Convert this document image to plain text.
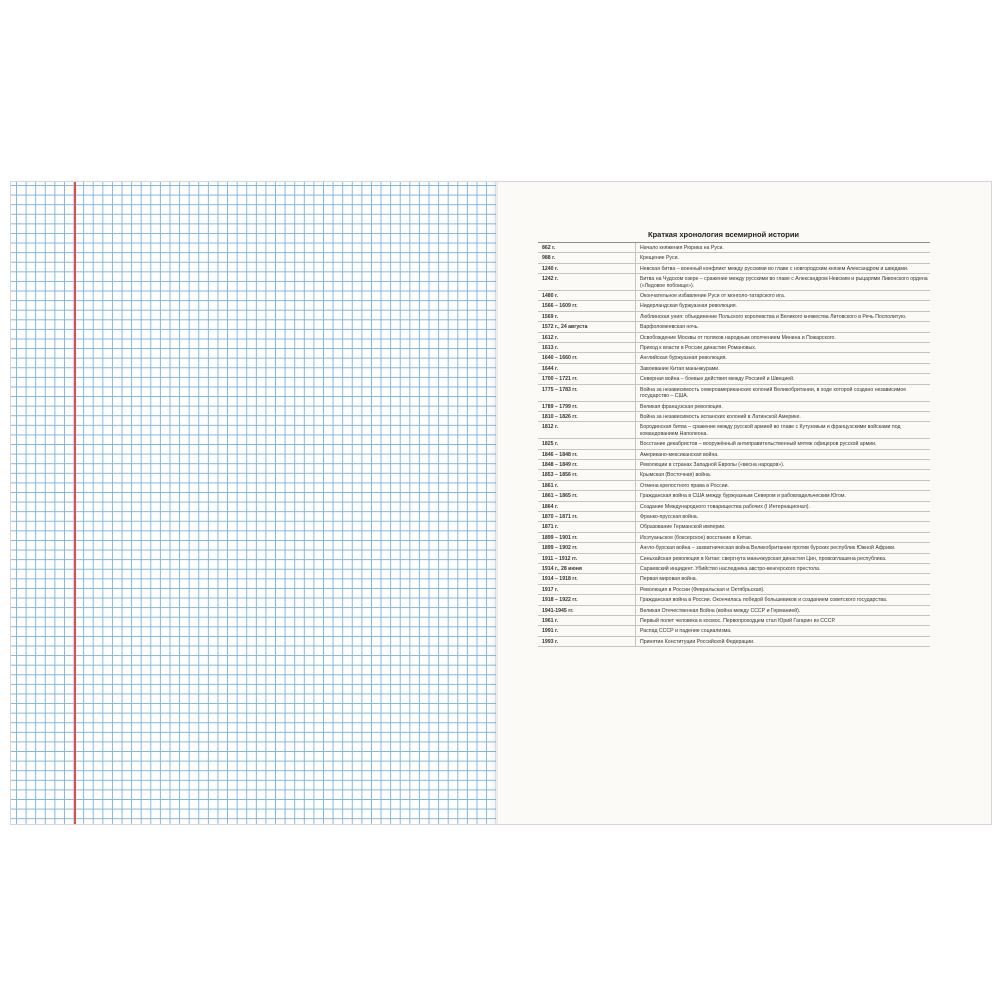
Краткая хронология всемирной истории
862 г.	Начало княжения Рюрика на Руси.
988 г.	Крещение Руси.
1240 г.	Невская битва – военный конфликт между русскими во главе с новгородским князем Александром и шведами.
1242 г.	Битва на Чудском озере – сражение между русскими во главе с Александром Невским и рыцарями Ливонского ордена («Ледовое побоище»).
1480 г.	Окончательное избавление Руси от монголо-татарского ига.
1566 – 1609 гг.	Нидерландская буржуазная революция.
1569 г.	Люблинская уния: объединение Польского королевства и Великого княжества Литовского в Речь Посполитую.
1572 г., 24 августа	Варфоломеевская ночь.
1612 г.	Освобождение Москвы от поляков народным ополчением Минина и Пожарского.
1613 г.	Приход к власти в России династии Романовых.
1640 – 1660 гг.	Английская буржуазная революция.
1644 г.	Завоевание Китая маньчжурами.
1700 – 1721 гг.	Северная война – боевые действия между Россией и Швецией.
1775 – 1783 гг.	Война за независимость североамериканских колоний Великобритании, в ходе которой создано независимое государство – США.
1789 – 1799 гг.	Великая французская революция.
1810 – 1826 гг.	Война за независимость испанских колоний в Латинской Америке.
1812 г.	Бородинская битва – сражение между русской армией во главе с Кутузовым и французскими войсками под командованием Наполеона.
1825 г.	Восстание декабристов – вооружённый антиправительственный мятеж офицеров русской армии.
1846 – 1848 гг.	Американо-мексиканская война.
1848 – 1849 гг.	Революции в странах Западной Европы («весна народов»).
1853 – 1856 гг.	Крымская (Восточная) война.
1861 г.	Отмена крепостного права в России.
1861 – 1865 гг.	Гражданская война в США между буржуазным Севером и рабовладельческим Югом.
1864 г.	Создание Международного товарищества рабочих (I Интернационал).
1870 – 1871 гг.	Франко-прусская война.
1871 г.	Образование Германской империи.
1899 – 1901 гг.	Ихэтуаньское (боксерское) восстание в Китае.
1899 – 1902 гг.	Англо-бурская война – захватническая война Великобритании против бурских республик Южной Африки.
1911 – 1912 гг.	Синьхайская революция в Китае: свергнута маньчжурская династия Цин, провозглашена республика.
1914 г., 28 июня	Сараевский инцидент. Убийство наследника австро-венгерского престола.
1914 – 1918 гг.	Первая мировая война.
1917 г.	Революция в России (Февральская и Октябрьская).
1918 – 1922 гг.	Гражданская война в России. Окончилась победой большевиков и созданием советского государства.
1941-1945 гг.	Великая Отечественная Война (война между СССР и Германией).
1961 г.	Первый полет человека в космос. Первопроходцем стал Юрий Гагарин из СССР.
1991 г.	Распад СССР и падение социализма.
1993 г.	Принятие Конституции Российской Федерации.
